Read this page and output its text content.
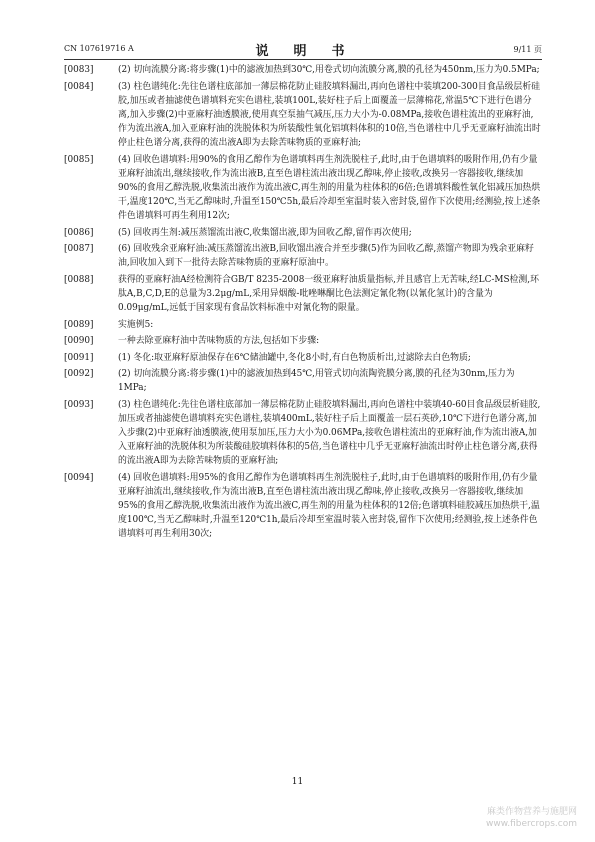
CN 107619716 A	说　明　书	9/11 页
[0083]	(2) 切向流膜分离:将步骤(1)中的滤液加热到30℃,用卷式切向流膜分离,膜的孔径为450nm,压力为0.5MPa;
[0084]	(3) 柱色谱纯化:先往色谱柱底部加一薄层棉花防止硅胶填料漏出,再向色谱柱中装填200-300目食品级层析硅胶,加压或者抽滤使色谱填料充实色谱柱,装填100L,装好柱子后上面覆盖一层薄棉花,常温5℃下进行色谱分离,加入步骤(2)中亚麻籽油透膜液,使用真空泵抽气减压,压力大小为-0.08MPa,接收色谱柱流出的亚麻籽油,作为流出液A,加入亚麻籽油的洗脱体积为所装酸性氧化铝填料体积的10倍,当色谱柱中几乎无亚麻籽油流出时停止柱色谱分离,获得的流出液A即为去除苦味物质的亚麻籽油;
[0085]	(4) 回收色谱填料:用90%的食用乙醇作为色谱填料再生剂洗脱柱子,此时,由于色谱填料的吸附作用,仍有少量亚麻籽油流出,继续接收,作为流出液B,直至色谱柱流出液出现乙醇味,停止接收,改换另一容器接收,继续加90%的食用乙醇洗脱,收集流出液作为流出液C,再生剂的用量为柱体积的6倍;色谱填料酸性氧化铝减压加热烘干,温度120℃,当无乙醇味时,升温至150℃5h,最后冷却至室温时装入密封袋,留作下次使用;经测验,按上述条件色谱填料可再生利用12次;
[0086]	(5) 回收再生剂:减压蒸馏流出液C,收集馏出液,即为回收乙醇,留作再次使用;
[0087]	(6) 回收残余亚麻籽油:减压蒸馏流出液B,回收馏出液合并至步骤(5)作为回收乙醇,蒸馏产物即为残余亚麻籽油,回收加入到下一批待去除苦味物质的亚麻籽原油中。
[0088]	获得的亚麻籽油A经检测符合GB/T 8235-2008一级亚麻籽油质量指标,并且感官上无苦味,经LC-MS检测,环肽A,B,C,D,E的总量为3.2μg/mL,采用异烟酸-吡唑啉酮比色法测定氰化物(以氰化氢计)的含量为0.09μg/mL,远低于国家现有食品饮料标准中对氰化物的限量。
[0089]	实施例5:
[0090]	一种去除亚麻籽油中苦味物质的方法,包括如下步骤:
[0091]	(1) 冬化:取亚麻籽原油保存在6℃储油罐中,冬化8小时,有白色物质析出,过滤除去白色物质;
[0092]	(2) 切向流膜分离:将步骤(1)中的滤液加热到45℃,用管式切向流陶瓷膜分离,膜的孔径为30nm,压力为1MPa;
[0093]	(3) 柱色谱纯化:先往色谱柱底部加一薄层棉花防止硅胶填料漏出,再向色谱柱中装填40-60目食品级层析硅胶,加压或者抽滤使色谱填料充实色谱柱,装填400mL,装好柱子后上面覆盖一层石英砂,10℃下进行色谱分离,加入步骤(2)中亚麻籽油透膜液,使用泵加压,压力大小为0.06MPa,接收色谱柱流出的亚麻籽油,作为流出液A,加入亚麻籽油的洗脱体积为所装酸硅胶填料体积的5倍,当色谱柱中几乎无亚麻籽油流出时停止柱色谱分离,获得的流出液A即为去除苦味物质的亚麻籽油;
[0094]	(4) 回收色谱填料:用95%的食用乙醇作为色谱填料再生剂洗脱柱子,此时,由于色谱填料的吸附作用,仍有少量亚麻籽油流出,继续接收,作为流出液B,直至色谱柱流出液出现乙醇味,停止接收,改换另一容器接收,继续加95%的食用乙醇洗脱,收集流出液作为流出液C,再生剂的用量为柱体积的12倍;色谱填料硅胶减压加热烘干,温度100℃,当无乙醇味时,升温至120℃1h,最后冷却至室温时装入密封袋,留作下次使用;经测验,按上述条件色谱填料可再生利用30次;
11
麻类作物营养与施肥网
www.fibercrops.com
